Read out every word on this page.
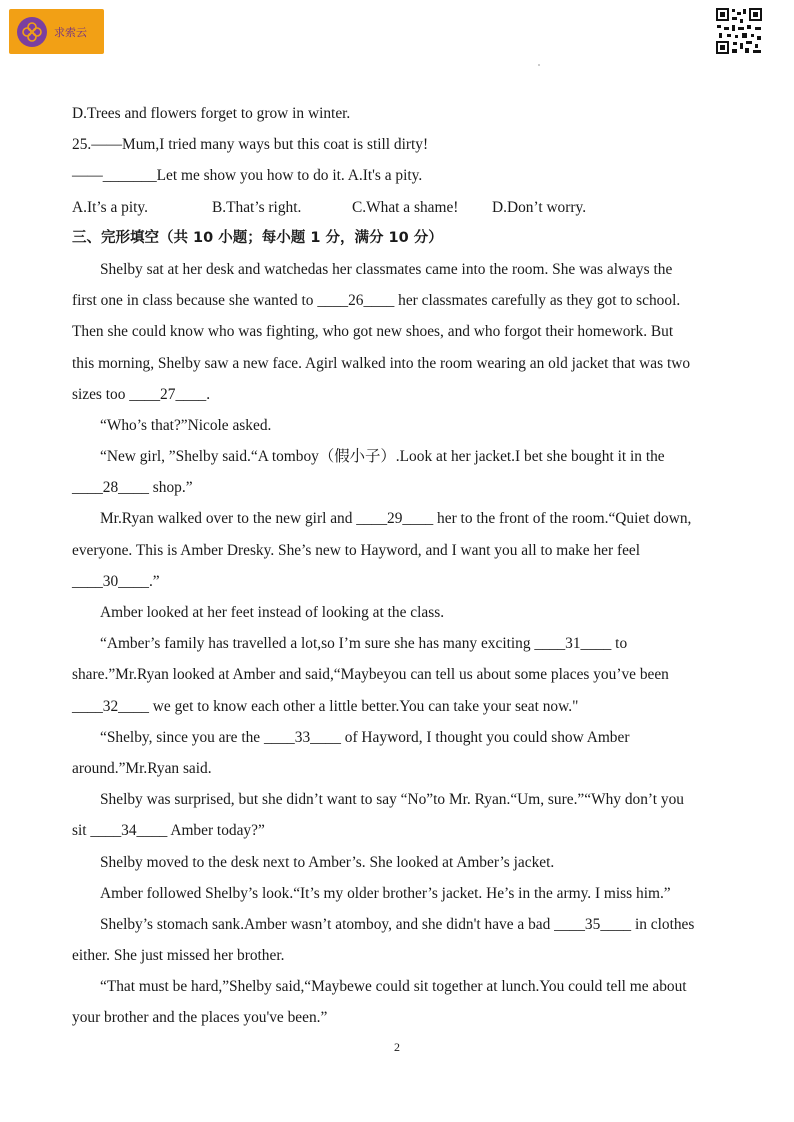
求索云
D.Trees and flowers forget to grow in winter.
25.——Mum,I tried many ways but this coat is still dirty!
——_______Let me show you how to do it. A.It's a pity.
A.It’s a pity.	B.That’s right.	C.What a shame! D.Don’t worry.
三、完形填空（共 10 小题；每小题 1 分，满分 10 分）
Shelby sat at her desk and watchedas her classmates came into the room. She was always the
first one in class because she wanted to ____26____ her classmates carefully as they got to school.
Then she could know who was fighting, who got new shoes, and who forgot their homework. But
this morning, Shelby saw a new face. Agirl walked into the room wearing an old jacket that was two
sizes too ____27____.
“Who’s that?”Nicole asked.
“New girl, ”Shelby said.“A tomboy（假小子）.Look at her jacket.I bet she bought it in the
____28____ shop.”
Mr.Ryan walked over to the new girl and ____29____ her to the front of the room.“Quiet down,
everyone. This is Amber Dresky. She’s new to Hayword, and I want you all to make her feel
____30____.”
Amber looked at her feet instead of looking at the class.
“Amber’s family has travelled a lot,so I’m sure she has many exciting ____31____ to
share.”Mr.Ryan looked at Amber and said,“Maybeyou can tell us about some places you’ve been
____32____ we get to know each other a little better.You can take your seat now."
“Shelby, since you are the ____33____ of Hayword, I thought you could show Amber
around.”Mr.Ryan said.
Shelby was surprised, but she didn’t want to say “No”to Mr. Ryan.“Um, sure.”“Why don’t you
sit ____34____ Amber today?”
Shelby moved to the desk next to Amber’s. She looked at Amber’s jacket.
Amber followed Shelby’s look.“It’s my older brother’s jacket. He’s in the army. I miss him.”
Shelby’s stomach sank.Amber wasn’t atomboy, and she didn't have a bad ____35____ in clothes
either. She just missed her brother.
“That must be hard,”Shelby said,“Maybewe could sit together at lunch.You could tell me about
your brother and the places you've been.”
2
